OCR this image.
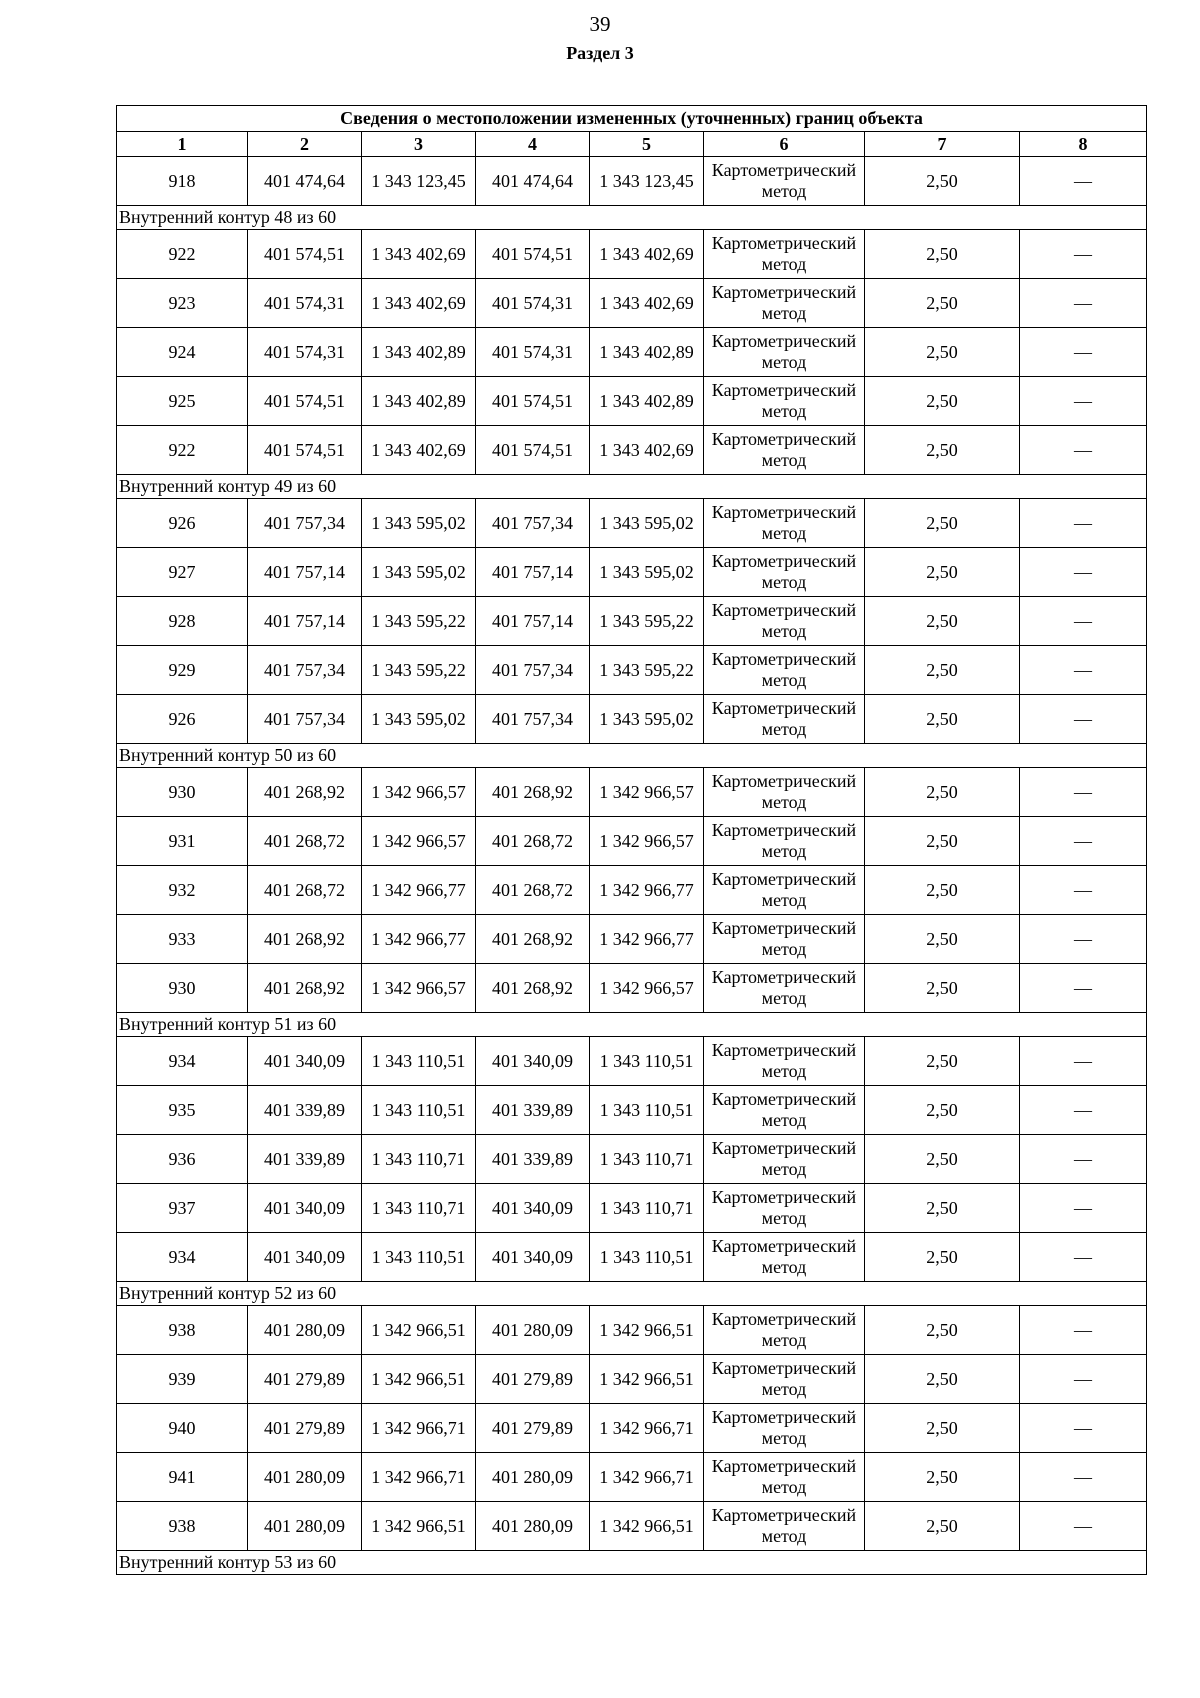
39
Раздел 3
Сведения о местоположении измененных (уточненных) границ объекта							
1	2	3	4	5	6	7	8
918	401 474,64	1 343 123,45	401 474,64	1 343 123,45	Картометрический метод	2,50	—
Внутренний контур 48 из 60							
922	401 574,51	1 343 402,69	401 574,51	1 343 402,69	Картометрический метод	2,50	—
923	401 574,31	1 343 402,69	401 574,31	1 343 402,69	Картометрический метод	2,50	—
924	401 574,31	1 343 402,89	401 574,31	1 343 402,89	Картометрический метод	2,50	—
925	401 574,51	1 343 402,89	401 574,51	1 343 402,89	Картометрический метод	2,50	—
922	401 574,51	1 343 402,69	401 574,51	1 343 402,69	Картометрический метод	2,50	—
Внутренний контур 49 из 60							
926	401 757,34	1 343 595,02	401 757,34	1 343 595,02	Картометрический метод	2,50	—
927	401 757,14	1 343 595,02	401 757,14	1 343 595,02	Картометрический метод	2,50	—
928	401 757,14	1 343 595,22	401 757,14	1 343 595,22	Картометрический метод	2,50	—
929	401 757,34	1 343 595,22	401 757,34	1 343 595,22	Картометрический метод	2,50	—
926	401 757,34	1 343 595,02	401 757,34	1 343 595,02	Картометрический метод	2,50	—
Внутренний контур 50 из 60							
930	401 268,92	1 342 966,57	401 268,92	1 342 966,57	Картометрический метод	2,50	—
931	401 268,72	1 342 966,57	401 268,72	1 342 966,57	Картометрический метод	2,50	—
932	401 268,72	1 342 966,77	401 268,72	1 342 966,77	Картометрический метод	2,50	—
933	401 268,92	1 342 966,77	401 268,92	1 342 966,77	Картометрический метод	2,50	—
930	401 268,92	1 342 966,57	401 268,92	1 342 966,57	Картометрический метод	2,50	—
Внутренний контур 51 из 60							
934	401 340,09	1 343 110,51	401 340,09	1 343 110,51	Картометрический метод	2,50	—
935	401 339,89	1 343 110,51	401 339,89	1 343 110,51	Картометрический метод	2,50	—
936	401 339,89	1 343 110,71	401 339,89	1 343 110,71	Картометрический метод	2,50	—
937	401 340,09	1 343 110,71	401 340,09	1 343 110,71	Картометрический метод	2,50	—
934	401 340,09	1 343 110,51	401 340,09	1 343 110,51	Картометрический метод	2,50	—
Внутренний контур 52 из 60							
938	401 280,09	1 342 966,51	401 280,09	1 342 966,51	Картометрический метод	2,50	—
939	401 279,89	1 342 966,51	401 279,89	1 342 966,51	Картометрический метод	2,50	—
940	401 279,89	1 342 966,71	401 279,89	1 342 966,71	Картометрический метод	2,50	—
941	401 280,09	1 342 966,71	401 280,09	1 342 966,71	Картометрический метод	2,50	—
938	401 280,09	1 342 966,51	401 280,09	1 342 966,51	Картометрический метод	2,50	—
Внутренний контур 53 из 60							
